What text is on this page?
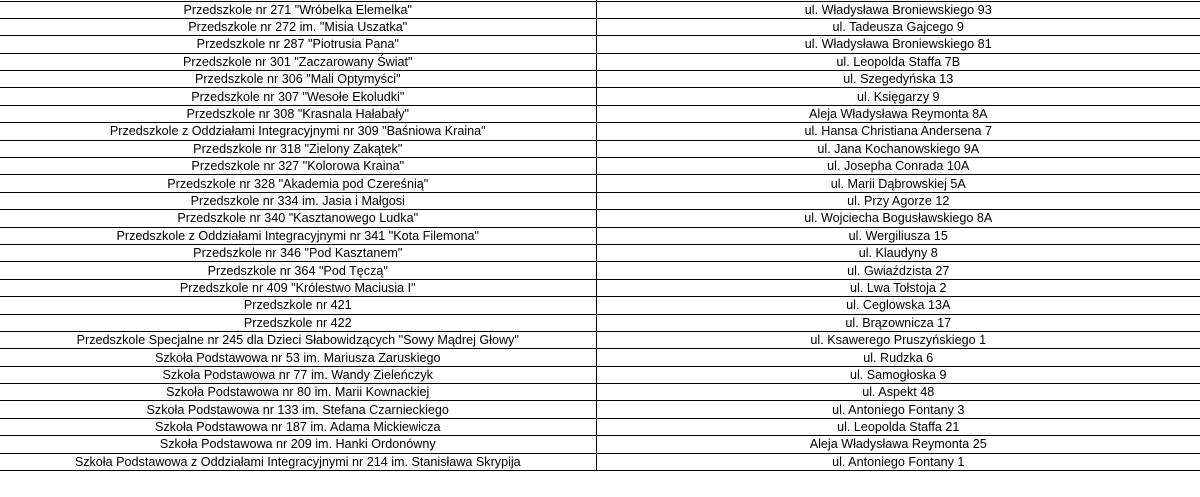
Przedszkole nr 271 "Wróbelka Elemelka"	ul. Władysława Broniewskiego 93
Przedszkole nr 272 im. "Misia Uszatka"	ul. Tadeusza Gajcego 9
Przedszkole nr 287 "Piotrusia Pana"	ul. Władysława Broniewskiego 81
Przedszkole nr 301 "Zaczarowany Świat"	ul. Leopolda Staffa 7B
Przedszkole nr 306 "Mali Optymyści"	ul. Szegedyńska 13
Przedszkole nr 307 "Wesołe Ekoludki"	ul. Księgarzy 9
Przedszkole nr 308 "Krasnala Hałabały"	Aleja Władysława Reymonta 8A
Przedszkole z Oddziałami Integracyjnymi nr 309 "Baśniowa Kraina"	ul. Hansa Christiana Andersena 7
Przedszkole nr 318 "Zielony Zakątek"	ul. Jana Kochanowskiego 9A
Przedszkole nr 327 "Kolorowa Kraina"	ul. Josepha Conrada 10A
Przedszkole nr 328 "Akademia pod Czereśnią"	ul. Marii Dąbrowskiej 5A
Przedszkole nr 334 im. Jasia i Małgosi	ul. Przy Agorze 12
Przedszkole nr 340 "Kasztanowego Ludka"	ul. Wojciecha Bogusławskiego 8A
Przedszkole z Oddziałami Integracyjnymi nr 341 "Kota Filemona"	ul. Wergiliusza 15
Przedszkole nr 346 "Pod Kasztanem"	ul. Klaudyny 8
Przedszkole nr 364 "Pod Tęczą"	ul. Gwiaździsta 27
Przedszkole nr 409 "Królestwo Maciusia I"	ul. Lwa Tołstoja 2
Przedszkole nr 421	ul. Ceglowska 13A
Przedszkole nr 422	ul. Brązownicza 17
Przedszkole Specjalne nr 245 dla Dzieci Słabowidzących "Sowy Mądrej Głowy"	ul. Ksawerego Pruszyńskiego 1
Szkoła Podstawowa nr 53 im. Mariusza Zaruskiego	ul. Rudzka 6
Szkoła Podstawowa nr 77 im. Wandy Zieleńczyk	ul. Samogłoska 9
Szkoła Podstawowa nr 80 im. Marii Kownackiej	ul. Aspekt 48
Szkoła Podstawowa nr 133 im. Stefana Czarnieckiego	ul. Antoniego Fontany 3
Szkoła Podstawowa nr 187 im. Adama Mickiewicza	ul. Leopolda Staffa 21
Szkoła Podstawowa nr 209 im. Hanki Ordonówny	Aleja Władysława Reymonta 25
Szkoła Podstawowa z Oddziałami Integracyjnymi nr 214 im. Stanisława Skrypija	ul. Antoniego Fontany 1
